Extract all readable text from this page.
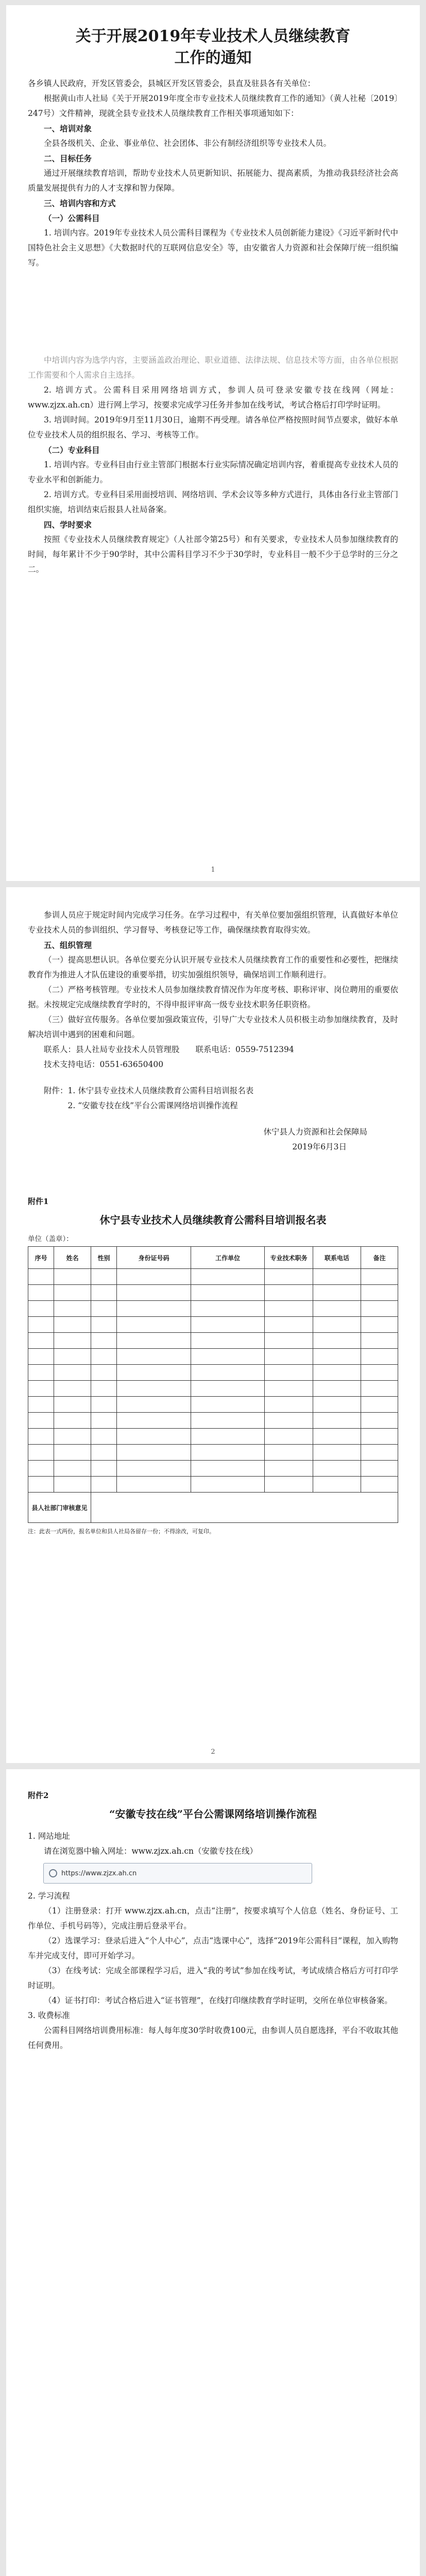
关于开展2019年专业技术人员继续教育
工作的通知

各乡镇人民政府，开发区管委会，县城区开发区管委会，县直及驻县各有关单位：

根据黄山市人社局《关于开展2019年度全市专业技术人员继续教育工作的通知》（黄人社秘〔2019〕247号）文件精神，现就全县专业技术人员继续教育工作相关事项通知如下：

一、培训对象

全县各级机关、企业、事业单位、社会团体、非公有制经济组织等专业技术人员。

二、目标任务

通过开展继续教育培训，帮助专业技术人员更新知识、拓展能力、提高素质，为推动我县经济社会高质量发展提供有力的人才支撑和智力保障。

三、培训内容和方式

（一）公需科目

1. 培训内容。2019年专业技术人员公需科目课程为《专业技术人员创新能力建设》《习近平新时代中国特色社会主义思想》《大数据时代的互联网信息安全》等，由安徽省人力资源和社会保障厅统一组织编写。

中培训内容为选学内容，主要涵盖政治理论、职业道德、法律法规、信息技术等方面，由各单位根据工作需要和个人需求自主选择。

2. 培训方式。公需科目采用网络培训方式，参训人员可登录安徽专技在线网（网址：www.zjzx.ah.cn）进行网上学习，按要求完成学习任务并参加在线考试，考试合格后打印学时证明。

3. 培训时间。2019年9月至11月30日，逾期不再受理。请各单位严格按照时间节点要求，做好本单位专业技术人员的组织报名、学习、考核等工作。

（二）专业科目

1. 培训内容。专业科目由行业主管部门根据本行业实际情况确定培训内容，着重提高专业技术人员的专业水平和创新能力。

2. 培训方式。专业科目采用面授培训、网络培训、学术会议等多种方式进行，具体由各行业主管部门组织实施，培训结束后报县人社局备案。

四、学时要求

按照《专业技术人员继续教育规定》（人社部令第25号）和有关要求，专业技术人员参加继续教育的时间，每年累计不少于90学时，其中公需科目学习不少于30学时，专业科目一般不少于总学时的三分之二。

1

参训人员应于规定时间内完成学习任务。在学习过程中，有关单位要加强组织管理，认真做好本单位专业技术人员的参训组织、学习督导、考核登记等工作，确保继续教育取得实效。

五、组织管理

（一）提高思想认识。各单位要充分认识开展专业技术人员继续教育工作的重要性和必要性，把继续教育作为推进人才队伍建设的重要举措，切实加强组织领导，确保培训工作顺利进行。

（二）严格考核管理。专业技术人员参加继续教育情况作为年度考核、职称评审、岗位聘用的重要依据。未按规定完成继续教育学时的，不得申报评审高一级专业技术职务任职资格。

（三）做好宣传服务。各单位要加强政策宣传，引导广大专业技术人员积极主动参加继续教育，及时解决培训中遇到的困难和问题。

联系人：县人社局专业技术人员管理股　　联系电话：0559-7512394

技术支持电话：0551-63650400

附件：1. 休宁县专业技术人员继续教育公需科目培训报名表

2. “安徽专技在线”平台公需课网络培训操作流程

休宁县人力资源和社会保障局

2019年6月3日

附件1

休宁县专业技术人员继续教育公需科目培训报名表

单位（盖章）：

序号	姓名	性别	身份证号码	工作单位	专业技术职务	联系电话	备注

县人社部门审核意见							

注：此表一式两份，报名单位和县人社局各留存一份；不得涂改，可复印。

2

附件2

“安徽专技在线”平台公需课网络培训操作流程

1. 网站地址

请在浏览器中输入网址：www.zjzx.ah.cn（安徽专技在线）

https://www.zjzx.ah.cn

2. 学习流程

（1）注册登录：打开 www.zjzx.ah.cn，点击“注册”，按要求填写个人信息（姓名、身份证号、工作单位、手机号码等），完成注册后登录平台。

（2）选课学习：登录后进入“个人中心”，点击“选课中心”，选择“2019年公需科目”课程，加入购物车并完成支付，即可开始学习。

（3）在线考试：完成全部课程学习后，进入“我的考试”参加在线考试，考试成绩合格后方可打印学时证明。

（4）证书打印：考试合格后进入“证书管理”，在线打印继续教育学时证明，交所在单位审核备案。

3. 收费标准

公需科目网络培训费用标准：每人每年度30学时收费100元，由参训人员自愿选择，平台不收取其他任何费用。
